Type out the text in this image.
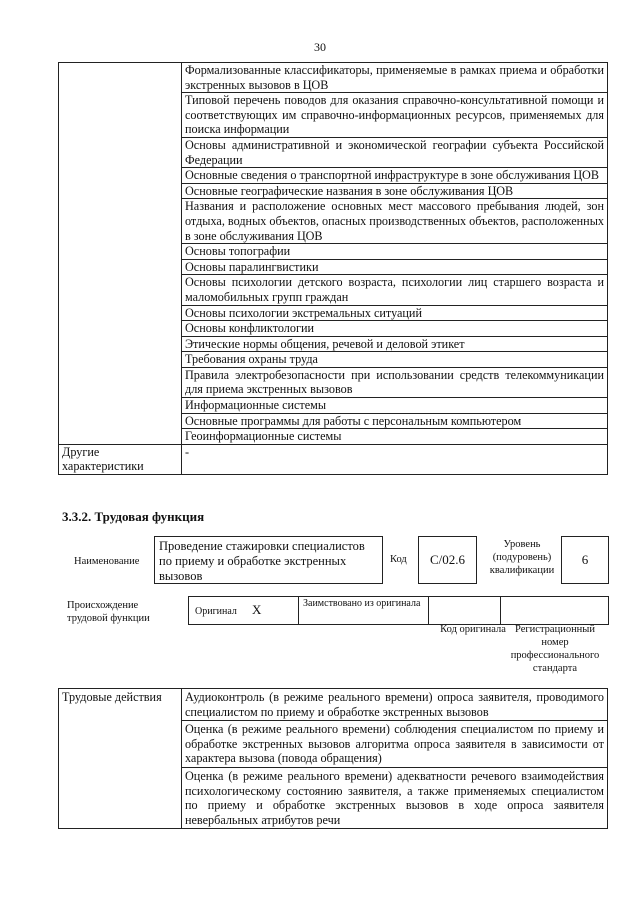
30
	Формализованные классификаторы, применяемые в рамках приема и обработки экстренных вызовов в ЦОВ
	Типовой перечень поводов для оказания справочно-консультативной помощи и соответствующих им справочно-информационных ресурсов, применяемых для поиска информации
	Основы административной и экономической географии субъекта Российской Федерации
	Основные сведения о транспортной инфраструктуре в зоне обслуживания ЦОВ
	Основные географические названия в зоне обслуживания ЦОВ
	Названия и расположение основных мест массового пребывания людей, зон отдыха, водных объектов, опасных производственных объектов, расположенных в зоне обслуживания ЦОВ
	Основы топографии
	Основы паралингвистики
	Основы психологии детского возраста, психологии лиц старшего возраста и маломобильных групп граждан
	Основы психологии экстремальных ситуаций
	Основы конфликтологии
	Этические нормы общения, речевой и деловой этикет
	Требования охраны труда
	Правила электробезопасности при использовании средств телекоммуникации для приема экстренных вызовов
	Информационные системы
	Основные программы для работы с персональным компьютером
	Геоинформационные системы
Другие характеристики	-
3.3.2. Трудовая функция
Наименование
Проведение стажировки специалистов по приему и обработке экстренных вызовов
Код	C/02.6
Уровень (подуровень) квалификации
6
Происхождение трудовой функции
Оригинал X	Заимствовано из оригинала
Код оригинала Регистрационный номер профессионального стандарта
Трудовые действия	Аудиоконтроль (в режиме реального времени) опроса заявителя, проводимого специалистом по приему и обработке экстренных вызовов
Оценка (в режиме реального времени) соблюдения специалистом по приему и обработке экстренных вызовов алгоритма опроса заявителя в зависимости от характера вызова (повода обращения)
Оценка (в режиме реального времени) адекватности речевого взаимодействия психологическому состоянию заявителя, а также применяемых специалистом по приему и обработке экстренных вызовов в ходе опроса заявителя невербальных атрибутов речи
